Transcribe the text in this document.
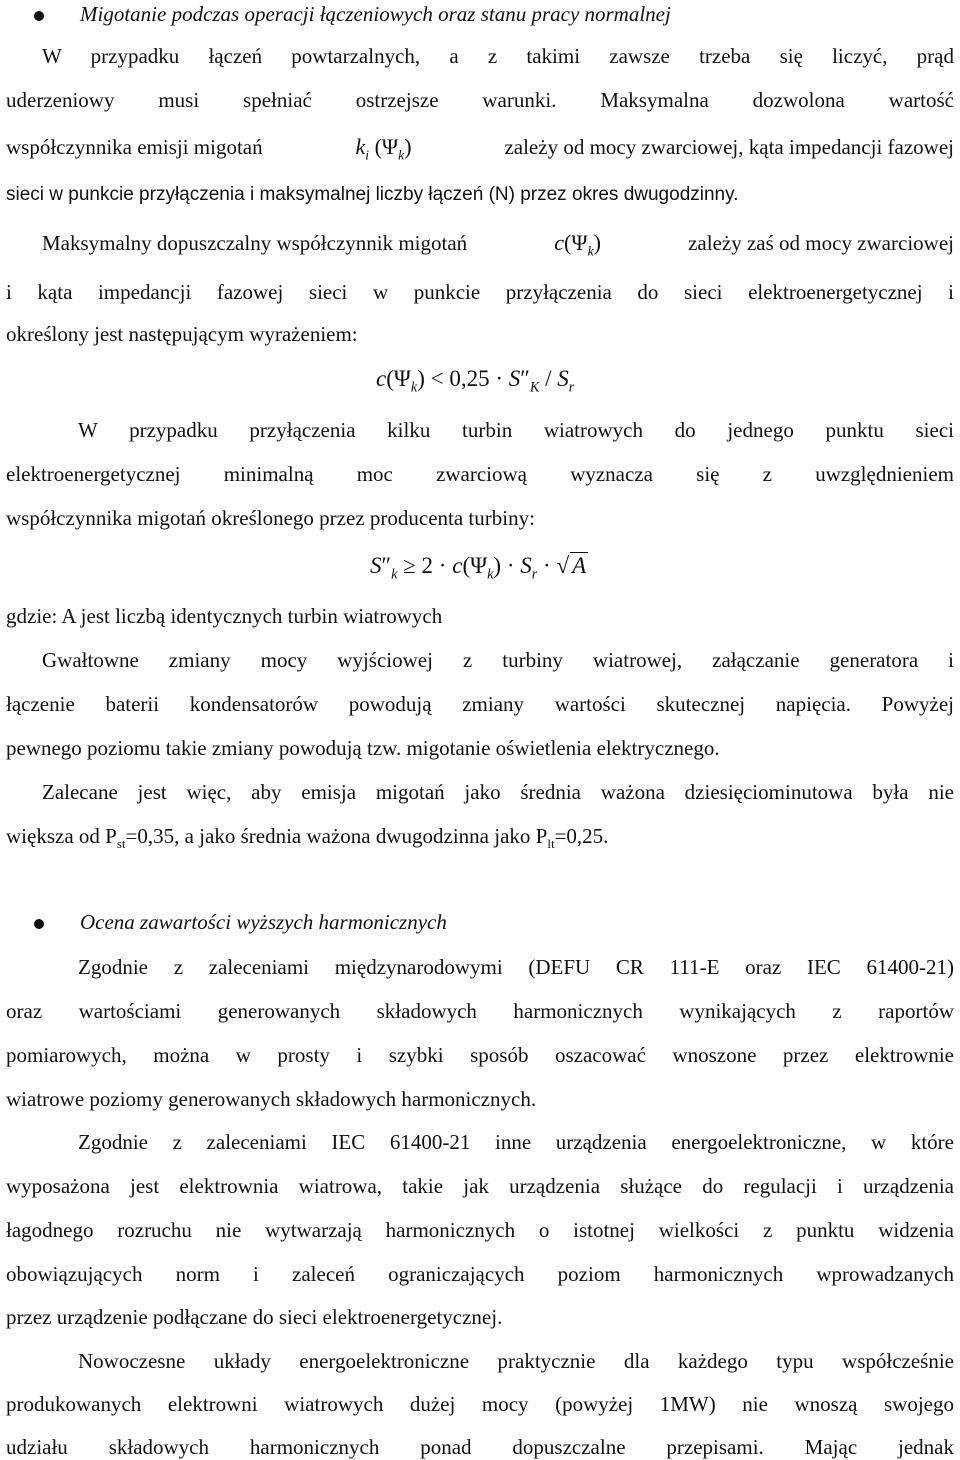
Migotanie podczas operacji łączeniowych oraz stanu pracy normalnej
W przypadku łączeń powtarzalnych, a z takimi zawsze trzeba się liczyć, prąd
uderzeniowy musi spełniać ostrzejsze warunki. Maksymalna dozwolona wartość
współczynnika emisji migotań	$k_i$ $(\Psi_k)$	zależy od mocy zwarciowej, kąta impedancji fazowej
sieci w punkcie przyłączenia i maksymalnej liczby łączeń (N) przez okres dwugodzinny.
Maksymalny dopuszczalny współczynnik migotań	$c(\Psi_k)$	zależy zaś od mocy zwarciowej
i kąta impedancji fazowej sieci w punkcie przyłączenia do sieci elektroenergetycznej i
określony jest następującym wyrażeniem:
$c(\Psi_k) < 0,25 \cdot S''_K / S_r$
W przypadku przyłączenia kilku turbin wiatrowych do jednego punktu sieci
elektroenergetycznej minimalną moc zwarciową wyznacza się z uwzględnieniem
współczynnika migotań określonego przez producenta turbiny:
$S''_k \ge 2 \cdot c(\Psi_k) \cdot S_r$ · √ A
gdzie: A jest liczbą identycznych turbin wiatrowych
Gwałtowne zmiany mocy wyjściowej z turbiny wiatrowej, załączanie generatora i
łączenie baterii kondensatorów powodują zmiany wartości skutecznej napięcia. Powyżej
pewnego poziomu takie zmiany powodują tzw. migotanie oświetlenia elektrycznego.
Zalecane jest więc, aby emisja migotań jako średnia ważona dziesięciominutowa była nie
większa od $P_{st}=0,35$, a jako średnia ważona dwugodzinna jako $P_{lt}=0,25$.
Ocena zawartości wyższych harmonicznych
Zgodnie z zaleceniami międzynarodowymi (DEFU CR 111-E oraz IEC 61400-21)
oraz wartościami generowanych składowych harmonicznych wynikających z raportów
pomiarowych, można w prosty i szybki sposób oszacować wnoszone przez elektrownie
wiatrowe poziomy generowanych składowych harmonicznych.
Zgodnie z zaleceniami IEC 61400-21 inne urządzenia energoelektroniczne, w które
wyposażona jest elektrownia wiatrowa, takie jak urządzenia służące do regulacji i urządzenia
łagodnego rozruchu nie wytwarzają harmonicznych o istotnej wielkości z punktu widzenia
obowiązujących norm i zaleceń ograniczających poziom harmonicznych wprowadzanych
przez urządzenie podłączane do sieci elektroenergetycznej.
Nowoczesne układy energoelektroniczne praktycznie dla każdego typu współcześnie
produkowanych elektrowni wiatrowych dużej mocy (powyżej 1MW) nie wnoszą swojego
udziału składowych harmonicznych ponad dopuszczalne przepisami. Mając jednak
